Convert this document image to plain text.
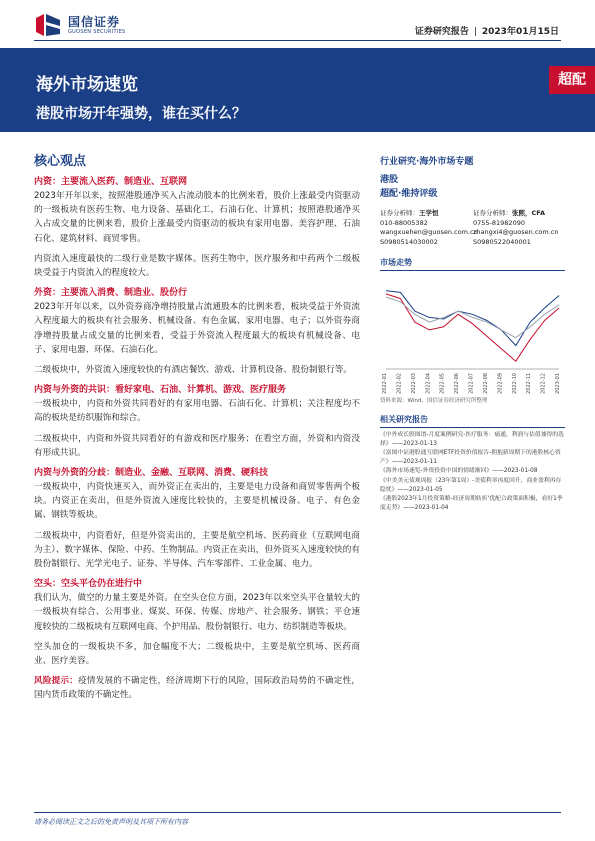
国信证券
GUOSEN SECURITIES	证券研究报告 | 2023年01月15日
海外市场速览
港股市场开年强势，谁在买什么？
超配
核心观点
内资：主要流入医药、制造业、互联网

2023年开年以来，按照港股通净买入占流动股本的比例来看，股价上涨最受内资驱动的一级板块有医药生物、电力设备、基础化工、石油石化、计算机；按照港股通净买入占成交量的比例来看，股价上涨最受内资驱动的板块有家用电器、美容护理、石油石化、建筑材料、商贸零售。

内资流入速度最快的二级行业是数字媒体。医药生物中，医疗服务和中药两个二级板块受益于内资流入的程度较大。

外资：主要流入消费、制造业、股份行

2023年开年以来，以外资券商净增持股量占流通股本的比例来看，板块受益于外资流入程度最大的板块有社会服务、机械设备、有色金属、家用电器、电子；以外资券商净增持股量占成交量的比例来看，受益于外资流入程度最大的板块有机械设备、电子、家用电器、环保、石油石化。

二级板块中，外资流入速度较快的有酒店餐饮、游戏、计算机设备、股份制银行等。

内资与外资的共识：看好家电、石油、计算机、游戏、医疗服务

一级板块中，内资和外资共同看好的有家用电器、石油石化、计算机；关注程度均不高的板块是纺织服饰和综合。

二级板块中，内资和外资共同看好的有游戏和医疗服务；在看空方面，外资和内资没有形成共识。

内资与外资的分歧：制造业、金融、互联网、消费、硬科技

一级板块中，内资快速买入，而外资正在卖出的，主要是电力设备和商贸零售两个板块。内资正在卖出，但是外资流入速度比较快的，主要是机械设备、电子、有色金属、钢铁等板块。

二级板块中，内资看好，但是外资卖出的，主要是航空机场、医药商业（互联网电商为主）、数字媒体、保险、中药、生物制品。内资正在卖出，但外资买入速度较快的有股份制银行、光学光电子、证券、半导体、汽车零部件、工业金属、电力。

空头：空头平仓仍在进行中

我们认为，做空的力量主要是外资。在空头仓位方面，2023年以来空头平仓量较大的一级板块有综合、公用事业、煤炭、环保、传媒、房地产、社会服务、钢铁；平仓速度较快的二级板块有互联网电商、个护用品、股份制银行、电力、纺织制造等板块。

空头加仓的一级板块不多，加仓幅度不大；二级板块中，主要是航空机场、医药商业、医疗美容。

风险提示：疫情发展的不确定性，经济周期下行的风险，国际政治局势的不确定性，国内货币政策的不确定性。

行业研究·海外市场专题
港股
超配·维持评级
证券分析师：王学恒
010-88005382
wangxuehen@guosen.com.cn
S0980514030002
证券分析师：张熙，CFA
0755-81982090
zhangxi4@guosen.com.cn
S0980522040001
市场走势
2022-01 2022-02 2022-03 2022-04 2022-05 2022-06 2022-07 2022-08 2022-09 2022-10 2022-11 2022-12 2023-01
资料来源：Wind、国信证券经济研究所整理
相关研究报告
《中外成长股图谱-月度案例研究-医疗服务：痛通，利润与估值兼得的选择》——2023-01-13
《富图中证港股通互联网ETF投资价值报告-拥抱新周期下的港股核心资产》——2023-01-11
《海外市场速览-外资投资中国的情绪渐回》——2023-01-08
《中美美元债观周报（23年第1周）-美债利率再度回升，商业盈利再存隐忧》——2023-01-05
《港股2023年1月投资策略-经济周期转折‘优配合政策面积极，看好1季度走势》——2023-01-04
请务必阅读正文之后的免责声明及其项下所有内容
